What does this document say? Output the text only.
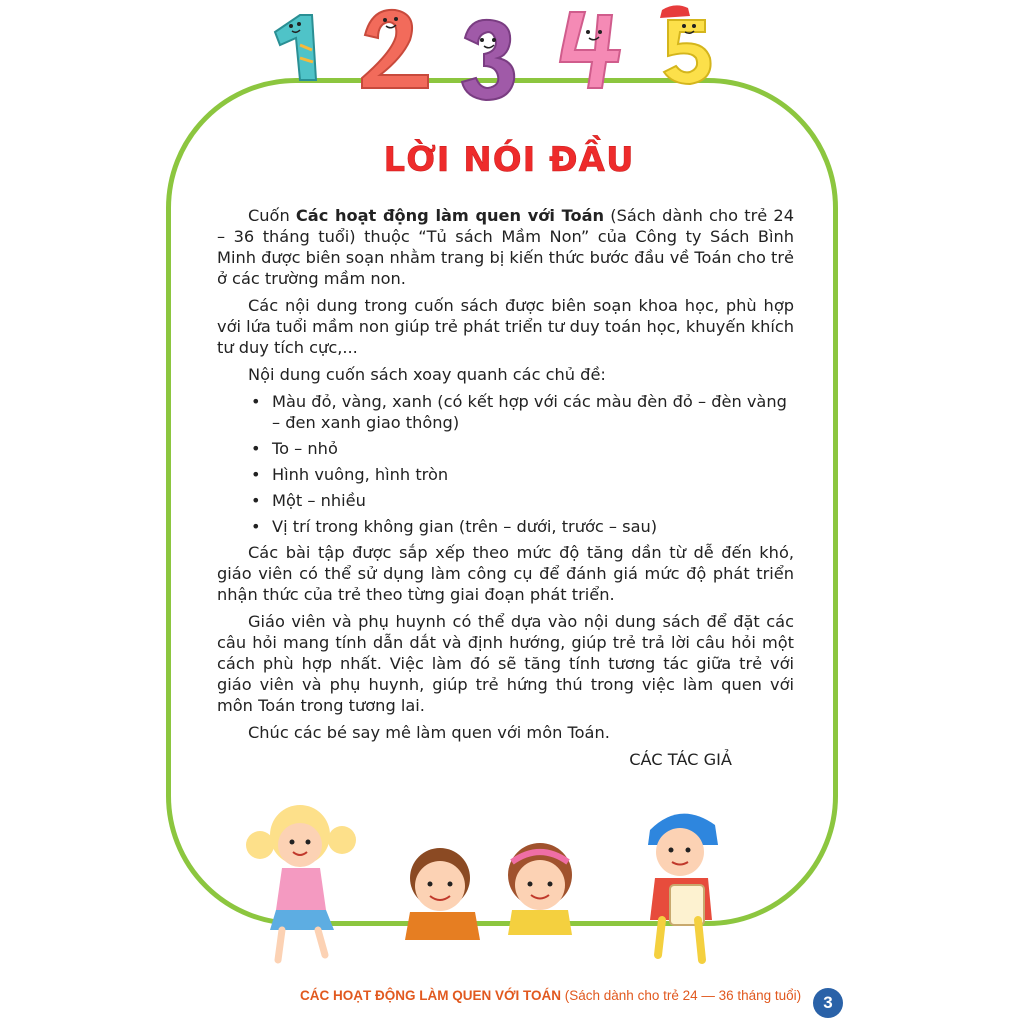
LỜI NÓI ĐẦU

Cuốn Các hoạt động làm quen với Toán (Sách dành cho trẻ 24 – 36 tháng tuổi) thuộc “Tủ sách Mầm Non” của Công ty Sách Bình Minh được biên soạn nhằm trang bị kiến thức bước đầu về Toán cho trẻ ở các trường mầm non.

Các nội dung trong cuốn sách được biên soạn khoa học, phù hợp với lứa tuổi mầm non giúp trẻ phát triển tư duy toán học, khuyến khích tư duy tích cực,...

Nội dung cuốn sách xoay quanh các chủ đề:

• Màu đỏ, vàng, xanh (có kết hợp với các màu đèn đỏ – đèn vàng – đen xanh giao thông)
• To – nhỏ
• Hình vuông, hình tròn
• Một – nhiều
• Vị trí trong không gian (trên – dưới, trước – sau)

Các bài tập được sắp xếp theo mức độ tăng dần từ dễ đến khó, giáo viên có thể sử dụng làm công cụ để đánh giá mức độ phát triển nhận thức của trẻ theo từng giai đoạn phát triển.

Giáo viên và phụ huynh có thể dựa vào nội dung sách để đặt các câu hỏi mang tính dẫn dắt và định hướng, giúp trẻ trả lời câu hỏi một cách phù hợp nhất. Việc làm đó sẽ tăng tính tương tác giữa trẻ với giáo viên và phụ huynh, giúp trẻ hứng thú trong việc làm quen với môn Toán trong tương lai.

Chúc các bé say mê làm quen với môn Toán.

CÁC TÁC GIẢ
CÁC HOẠT ĐỘNG LÀM QUEN VỚI TOÁN (Sách dành cho trẻ 24 — 36 tháng tuổi)	3
